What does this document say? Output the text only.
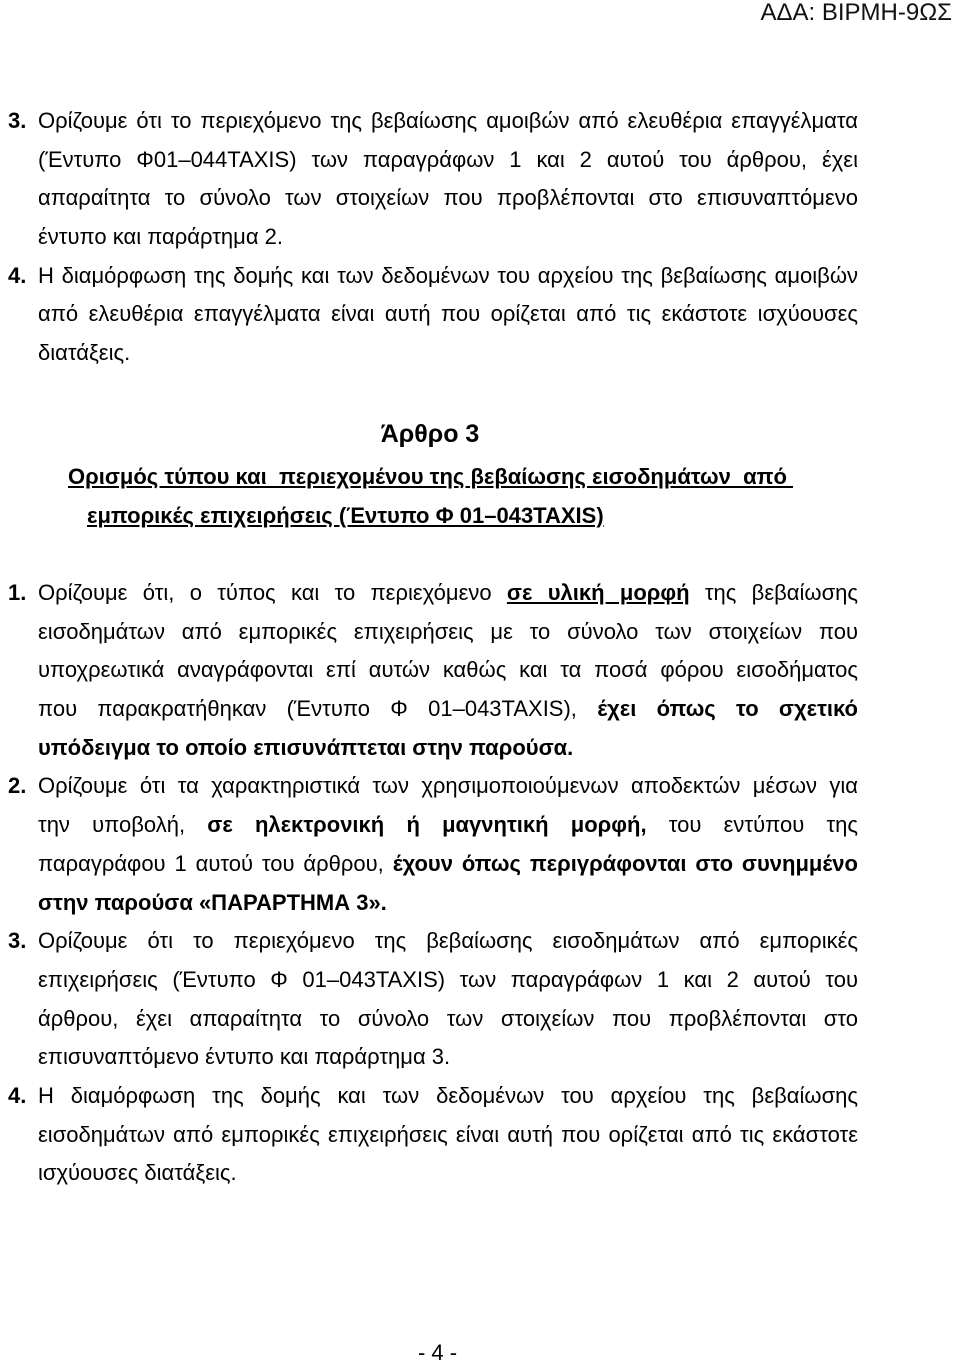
ΑΔΑ: ΒΙΡΜΗ-9ΩΣ
3. Ορίζουμε ότι το περιεχόμενο της βεβαίωσης αμοιβών από ελευθέρια επαγγέλματα
(Έντυπο Φ01–044TAXIS) των παραγράφων 1 και 2 αυτού του άρθρου, έχει
απαραίτητα το σύνολο των στοιχείων που προβλέπονται στο επισυναπτόμενο
έντυπο και παράρτημα 2.
4. Η διαμόρφωση της δομής και των δεδομένων του αρχείου της βεβαίωσης αμοιβών
από ελευθέρια επαγγέλματα είναι αυτή που ορίζεται από τις εκάστοτε ισχύουσες
διατάξεις.
Άρθρο 3
Ορισμός τύπου και  περιεχομένου της βεβαίωσης εισοδημάτων  από
εμπορικές επιχειρήσεις (Έντυπο Φ 01–043TAXIS)
1. Ορίζουμε ότι, ο τύπος και το περιεχόμενο σε υλική μορφή της βεβαίωσης
εισοδημάτων από εμπορικές επιχειρήσεις με το σύνολο των στοιχείων που
υποχρεωτικά αναγράφονται επί αυτών καθώς και τα ποσά φόρου εισοδήματος
που παρακρατήθηκαν (Έντυπο Φ 01–043TAXIS), έχει όπως το σχετικό
υπόδειγμα το οποίο επισυνάπτεται στην παρούσα.
2. Ορίζουμε ότι τα χαρακτηριστικά των χρησιμοποιούμενων αποδεκτών μέσων για
την υποβολή, σε ηλεκτρονική ή μαγνητική μορφή, του εντύπου της
παραγράφου 1 αυτού του άρθρου, έχουν όπως περιγράφονται στο συνημμένο
στην παρούσα «ΠΑΡΑΡΤΗΜΑ 3».
3. Ορίζουμε ότι το περιεχόμενο της βεβαίωσης εισοδημάτων από εμπορικές
επιχειρήσεις (Έντυπο Φ 01–043TAXIS) των παραγράφων 1 και 2 αυτού του
άρθρου, έχει απαραίτητα το σύνολο των στοιχείων που προβλέπονται στο
επισυναπτόμενο έντυπο και παράρτημα 3.
4. Η διαμόρφωση της δομής και των δεδομένων του αρχείου της βεβαίωσης
εισοδημάτων από εμπορικές επιχειρήσεις είναι αυτή που ορίζεται από τις εκάστοτε
ισχύουσες διατάξεις.
- 4 -
